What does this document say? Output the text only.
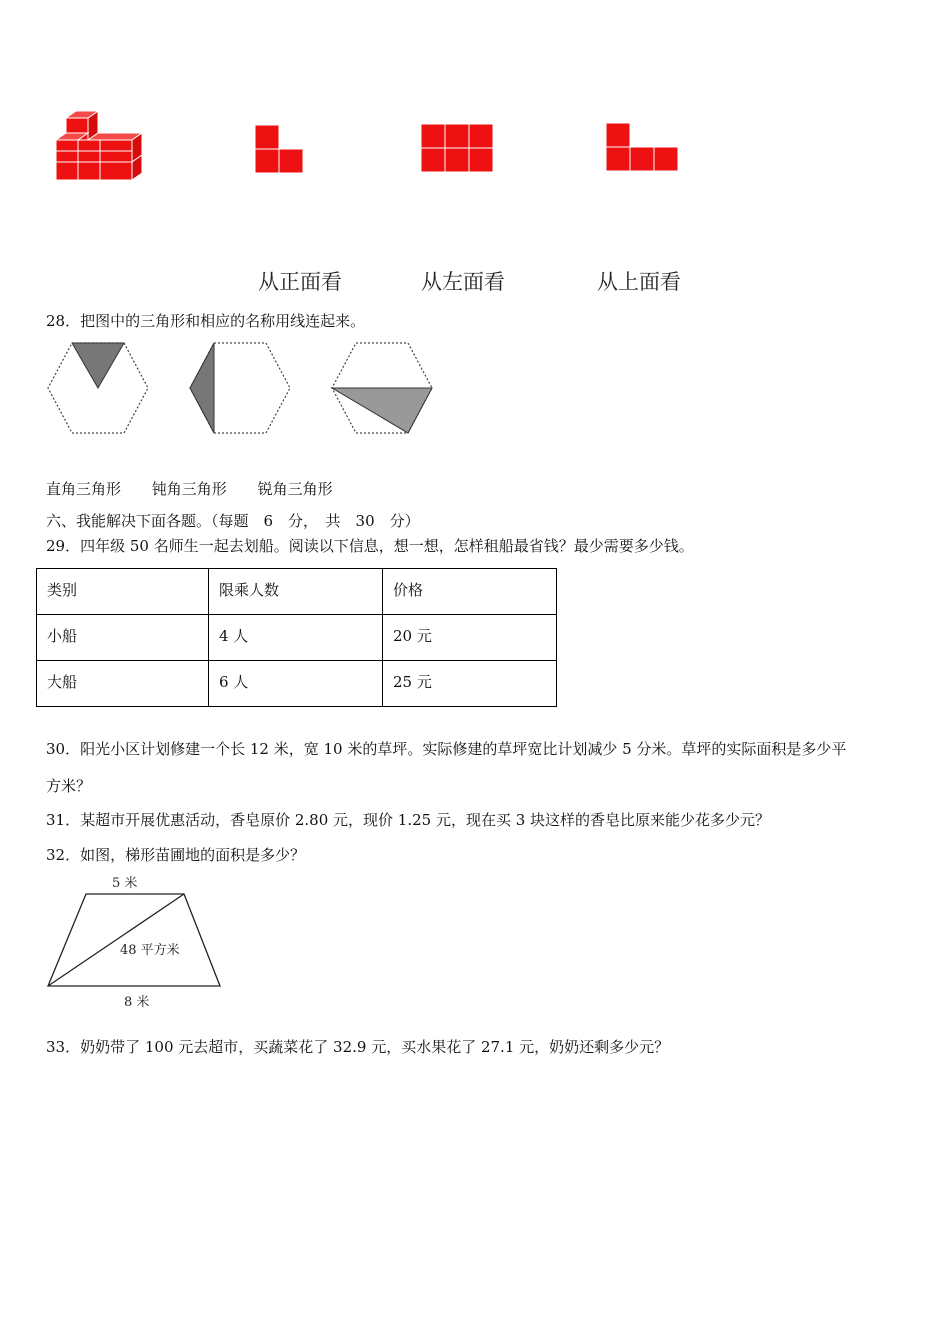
从正面看	从左面看	从上面看
28．把图中的三角形和相应的名称用线连起来。
直角三角形 钝角三角形 锐角三角形
六、我能解决下面各题。（每题　6　分，　共　30　分）
29．四年级 50 名师生一起去划船。阅读以下信息，想一想，怎样租船最省钱？最少需要多少钱。
类别	限乘人数	价格
小船	4 人	20 元
大船	6 人	25 元
30．阳光小区计划修建一个长 12 米，宽 10 米的草坪。实际修建的草坪宽比计划减少 5 分米。草坪的实际面积是多少平
方米？
31．某超市开展优惠活动，香皂原价 2.80 元，现价 1.25 元，现在买 3 块这样的香皂比原来能少花多少元？
32．如图，梯形苗圃地的面积是多少？
5 米
48 平方米
8 米
33．奶奶带了 100 元去超市，买蔬菜花了 32.9 元，买水果花了 27.1 元，奶奶还剩多少元？
